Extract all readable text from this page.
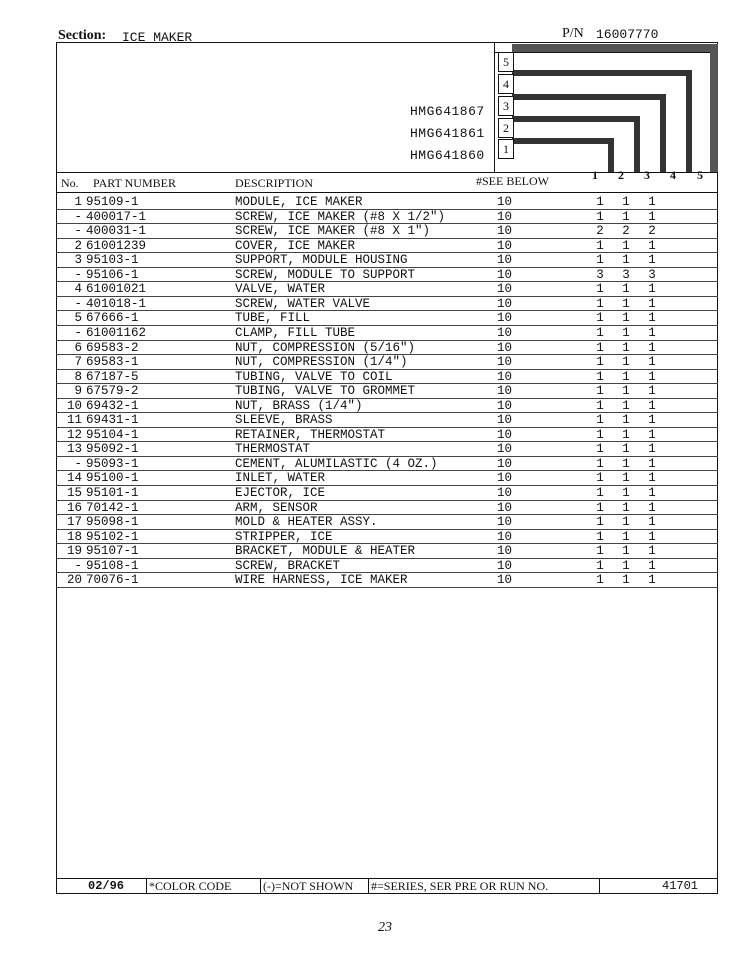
Section: ICE MAKER	P/N 16007770
5
4
3
2
1
HMG641867
HMG641861
HMG641860
No. PART NUMBER	DESCRIPTION	#SEE BELOW	1 2 3 4 5
1 95109-1	MODULE, ICE MAKER	10	1 1 1
- 400017-1	SCREW, ICE MAKER (#8 X 1/2")	10	1 1 1
- 400031-1	SCREW, ICE MAKER (#8 X 1")	10	2 2 2
2 61001239	COVER, ICE MAKER	10	1 1 1
3 95103-1	SUPPORT, MODULE HOUSING	10	1 1 1
- 95106-1	SCREW, MODULE TO SUPPORT	10	3 3 3
4 61001021	VALVE, WATER	10	1 1 1
- 401018-1	SCREW, WATER VALVE	10	1 1 1
5 67666-1	TUBE, FILL	10	1 1 1
- 61001162	CLAMP, FILL TUBE	10	1 1 1
6 69583-2	NUT, COMPRESSION (5/16")	10	1 1 1
7 69583-1	NUT, COMPRESSION (1/4")	10	1 1 1
8 67187-5	TUBING, VALVE TO COIL	10	1 1 1
9 67579-2	TUBING, VALVE TO GROMMET	10	1 1 1
10 69432-1	NUT, BRASS (1/4")	10	1 1 1
11 69431-1	SLEEVE, BRASS	10	1 1 1
12 95104-1	RETAINER, THERMOSTAT	10	1 1 1
13 95092-1	THERMOSTAT	10	1 1 1
- 95093-1	CEMENT, ALUMILASTIC (4 OZ.)	10	1 1 1
14 95100-1	INLET, WATER	10	1 1 1
15 95101-1	EJECTOR, ICE	10	1 1 1
16 70142-1	ARM, SENSOR	10	1 1 1
17 95098-1	MOLD & HEATER ASSY.	10	1 1 1
18 95102-1	STRIPPER, ICE	10	1 1 1
19 95107-1	BRACKET, MODULE & HEATER	10	1 1 1
- 95108-1	SCREW, BRACKET	10	1 1 1
20 70076-1	WIRE HARNESS, ICE MAKER	10	1 1 1
02/96 *COLOR CODE	(-)=NOT SHOWN #=SERIES, SER PRE OR RUN NO.	41701
23
